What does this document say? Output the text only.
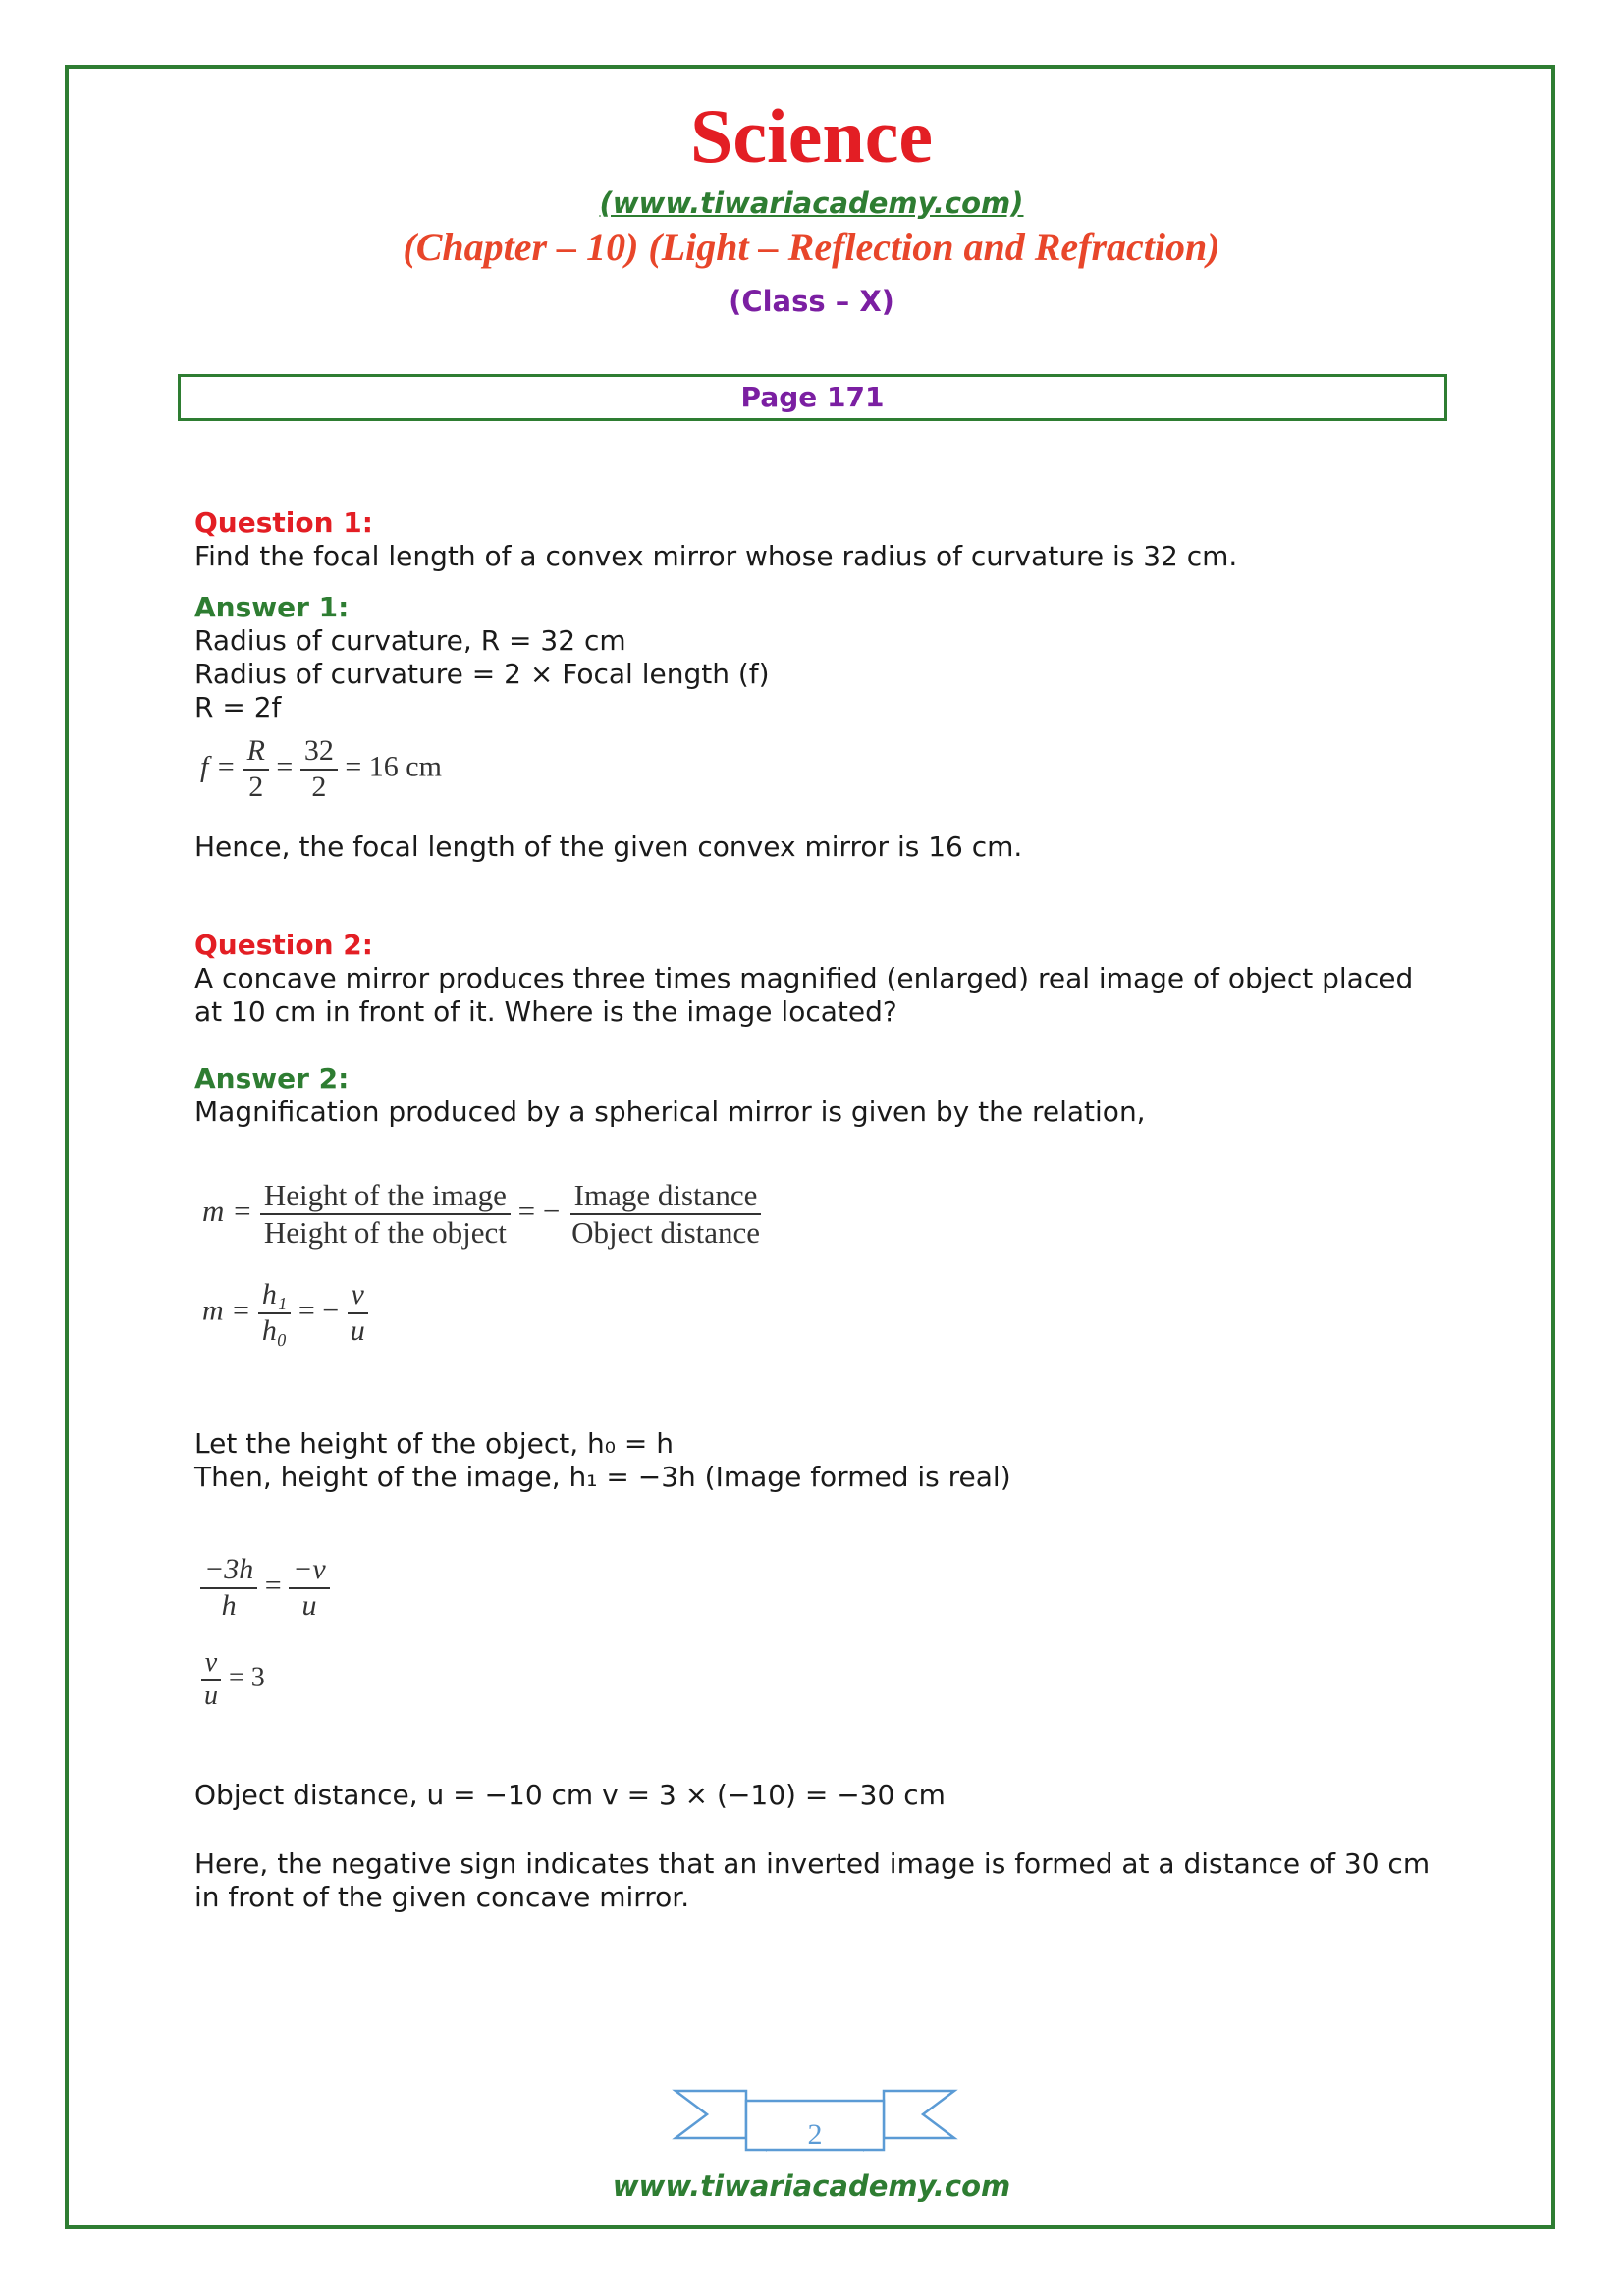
Science
(www.tiwariacademy.com)
(Chapter – 10) (Light – Reflection and Refraction)
(Class – X)
Page 171
Question 1:
Find the focal length of a convex mirror whose radius of curvature is 32 cm.
Answer 1:
Radius of curvature, R = 32 cm
Radius of curvature = 2 × Focal length (f)
R = 2f
$f = \frac{R}{2} = \frac{32}{2} = 16$ cm
Hence, the focal length of the given convex mirror is 16 cm.
Question 2:
A concave mirror produces three times magnified (enlarged) real image of object placed
at 10 cm in front of it. Where is the image located?
Answer 2:
Magnification produced by a spherical mirror is given by the relation,
$m = \frac{\text{Height of the image}}{\text{Height of the object}}$ = − $\frac{\text{Image distance}}{\text{Object distance}}$
$m = \frac{\text{h₁}}{\text{h₀}}$ = − $\frac{v}{u}$
Let the height of the object, h₀ = h
Then, height of the image, h₁ = −3h (Image formed is real)
$\frac{-3h}{h} = \frac{-v}{u}$
$\frac{v}{u} = 3$
Object distance, u = −10 cm v = 3 × (−10) = −30 cm
Here, the negative sign indicates that an inverted image is formed at a distance of 30 cm
in front of the given concave mirror.
2
www.tiwariacademy.com
